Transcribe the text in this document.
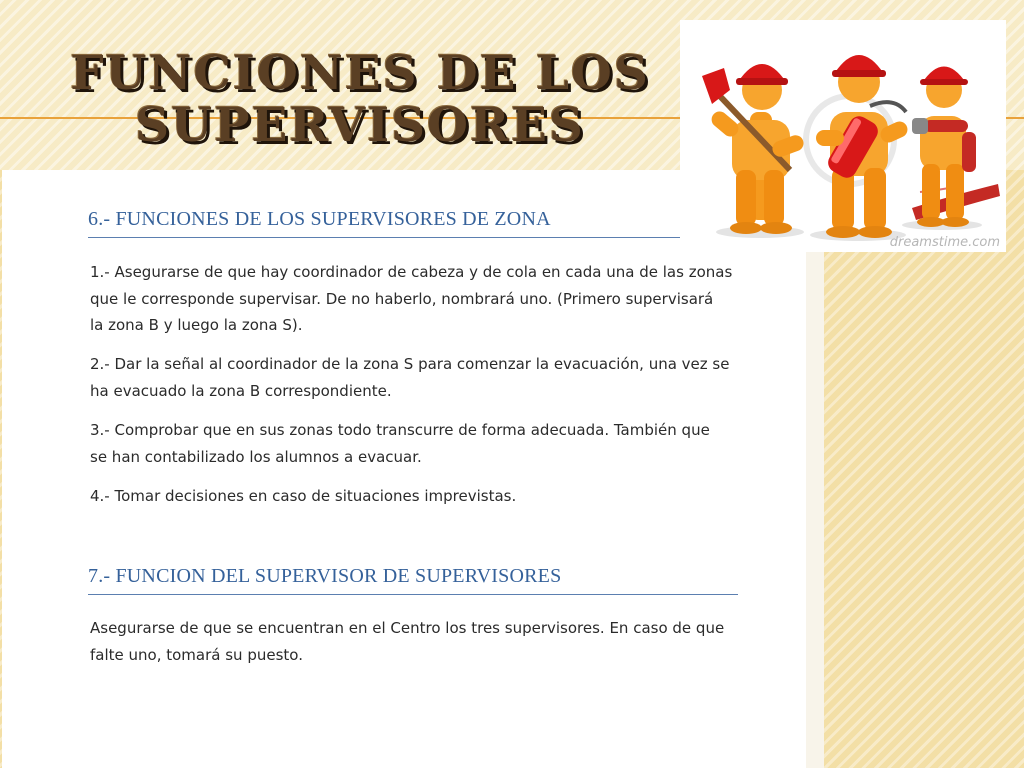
FUNCIONES DE LOS
SUPERVISORES
6.- FUNCIONES DE LOS SUPERVISORES DE ZONA
1.- Asegurarse de que hay coordinador de cabeza y de cola en cada una de las zonas
que le corresponde supervisar. De no haberlo, nombrará uno. (Primero supervisará
la zona B y luego la zona S).
2.- Dar la señal al coordinador de la zona S para comenzar la evacuación, una vez se
ha evacuado la zona B correspondiente.
3.- Comprobar que en sus zonas todo transcurre de forma adecuada. También que
se han contabilizado los alumnos a evacuar.
4.- Tomar decisiones en caso de situaciones imprevistas.
7.- FUNCION DEL SUPERVISOR DE SUPERVISORES
Asegurarse de que se encuentran en el Centro los tres supervisores. En caso de que
falte uno, tomará su puesto.
dreamstime.com
